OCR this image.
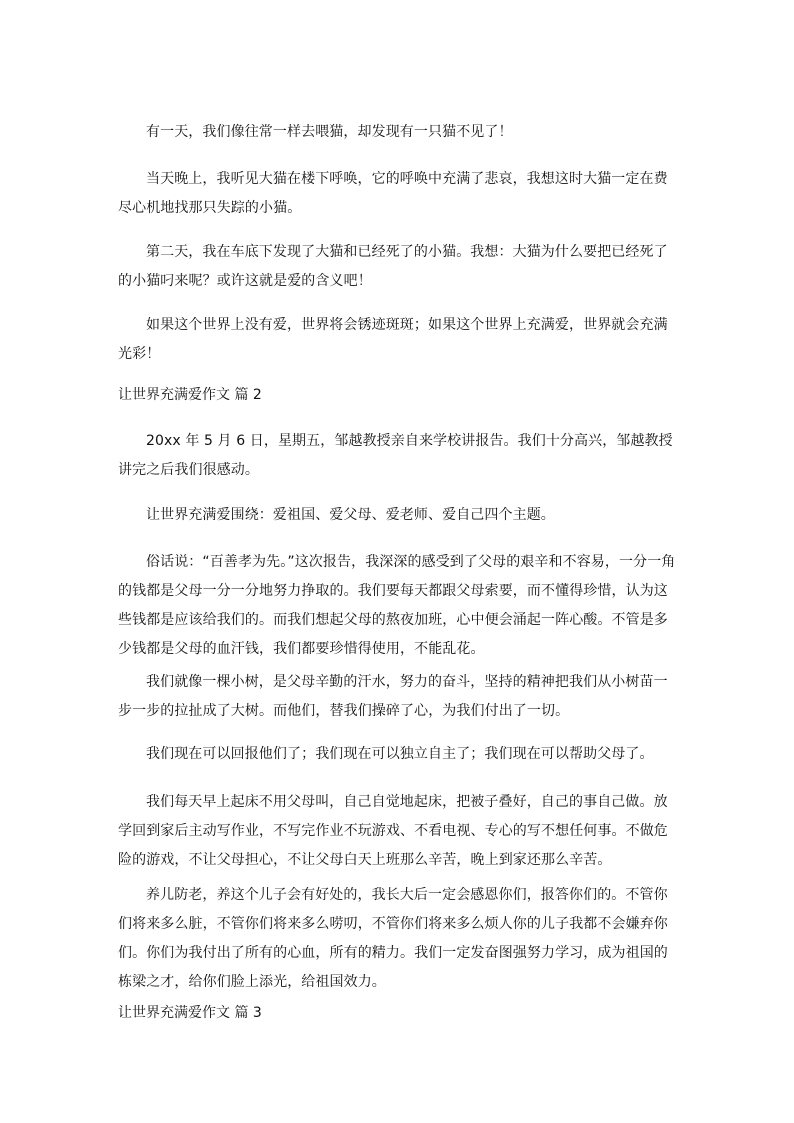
有一天，我们像往常一样去喂猫，却发现有一只猫不见了！

当天晚上，我听见大猫在楼下呼唤，它的呼唤中充满了悲哀，我想这时大猫一定在费尽心机地找那只失踪的小猫。

第二天，我在车底下发现了大猫和已经死了的小猫。我想：大猫为什么要把已经死了的小猫叼来呢？或许这就是爱的含义吧！

如果这个世界上没有爱，世界将会锈迹斑斑；如果这个世界上充满爱，世界就会充满光彩！

让世界充满爱作文 篇 2

20xx 年 5 月 6 日，星期五，邹越教授亲自来学校讲报告。我们十分高兴，邹越教授讲完之后我们很感动。

让世界充满爱围绕：爱祖国、爱父母、爱老师、爱自己四个主题。

俗话说：“百善孝为先。”这次报告，我深深的感受到了父母的艰辛和不容易，一分一角的钱都是父母一分一分地努力挣取的。我们要每天都跟父母索要，而不懂得珍惜，认为这些钱都是应该给我们的。而我们想起父母的熬夜加班，心中便会涌起一阵心酸。不管是多少钱都是父母的血汗钱，我们都要珍惜得使用，不能乱花。

我们就像一棵小树，是父母辛勤的汗水，努力的奋斗，坚持的精神把我们从小树苗一步一步的拉扯成了大树。而他们，替我们操碎了心，为我们付出了一切。

我们现在可以回报他们了；我们现在可以独立自主了；我们现在可以帮助父母了。

我们每天早上起床不用父母叫，自己自觉地起床，把被子叠好，自己的事自己做。放学回到家后主动写作业，不写完作业不玩游戏、不看电视、专心的写不想任何事。不做危险的游戏，不让父母担心，不让父母白天上班那么辛苦，晚上到家还那么辛苦。

养儿防老，养这个儿子会有好处的，我长大后一定会感恩你们，报答你们的。不管你们将来多么脏，不管你们将来多么唠叨，不管你们将来多么烦人你的儿子我都不会嫌弃你们。你们为我付出了所有的心血，所有的精力。我们一定发奋图强努力学习，成为祖国的栋梁之才，给你们脸上添光，给祖国效力。

让世界充满爱作文 篇 3
